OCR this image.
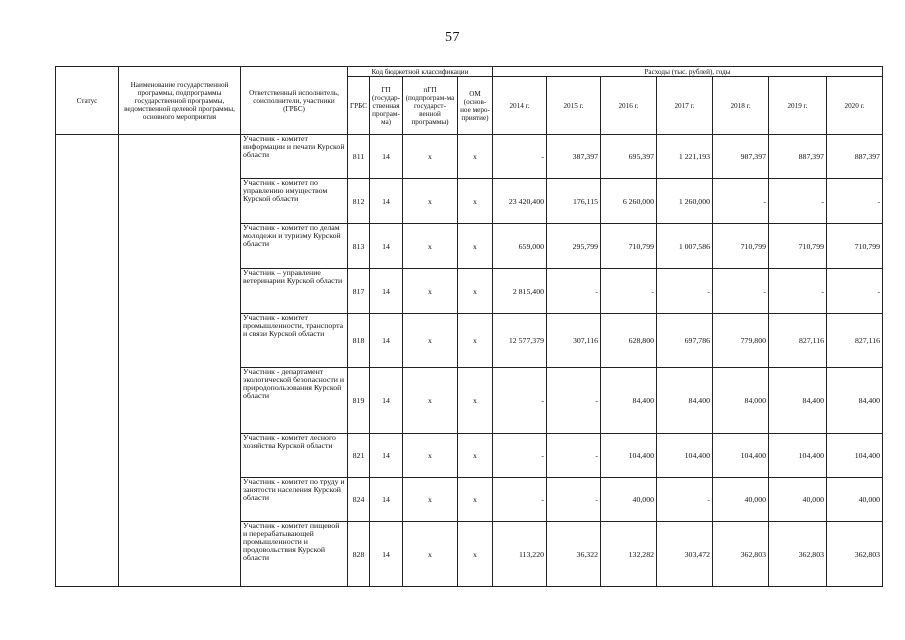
57
Статус	Наименование государственной программы, подпрограммы государственной программы, ведомственной целевой программы, основного мероприятия	Ответственный исполнитель, соисполнители, участники (ГРБС)	Код бюджетной классификации				Расходы (тыс. рублей), годы						
			ГРБС	ГП (государ-ственная програм-ма)	пГП (подпрограм-ма государст-венной программы)	ОМ (основ-ное меро-приятие)	2014 г.	2015 г.	2016 г.	2017 г.	2018 г.	2019 г.	2020 г.
		Участник - комитет информации и печати Курской области	811	14	х	х	-	387,397	695,397	1 221,193	987,397	887,397	887,397
		Участник - комитет по управлению имуществом Курской области	812	14	х	х	23 420,400	176,115	6 260,000	1 260,000	-	-	-
		Участник - комитет по делам молодежи и туризму Курской области	813	14	х	х	659,000	295,799	710,799	1 007,586	710,799	710,799	710,799
		Участник – управление ветеринарии Курской области	817	14	х	х	2 815,400	-	-	-	-	-	-
		Участник - комитет промышленности, транспорта и связи Курской области	818	14	х	х	12 577,379	307,116	628,800	697,786	779,800	827,116	827,116
		Участник - департамент экологической безопасности и природопользования Курской области	819	14	х	х	-	-	84,400	84,400	84,000	84,400	84,400
		Участник - комитет лесного хозяйства Курской области	821	14	х	х	-	-	104,400	104,400	104,400	104,400	104,400
		Участник - комитет по труду и занятости населения Курской области	824	14	х	х	-	-	40,000	-	40,000	40,000	40,000
		Участник - комитет пищевой и перерабатывающей промышленности и продовольствия Курской области	828	14	х	х	113,220	36,322	132,282	303,472	362,803	362,803	362,803
